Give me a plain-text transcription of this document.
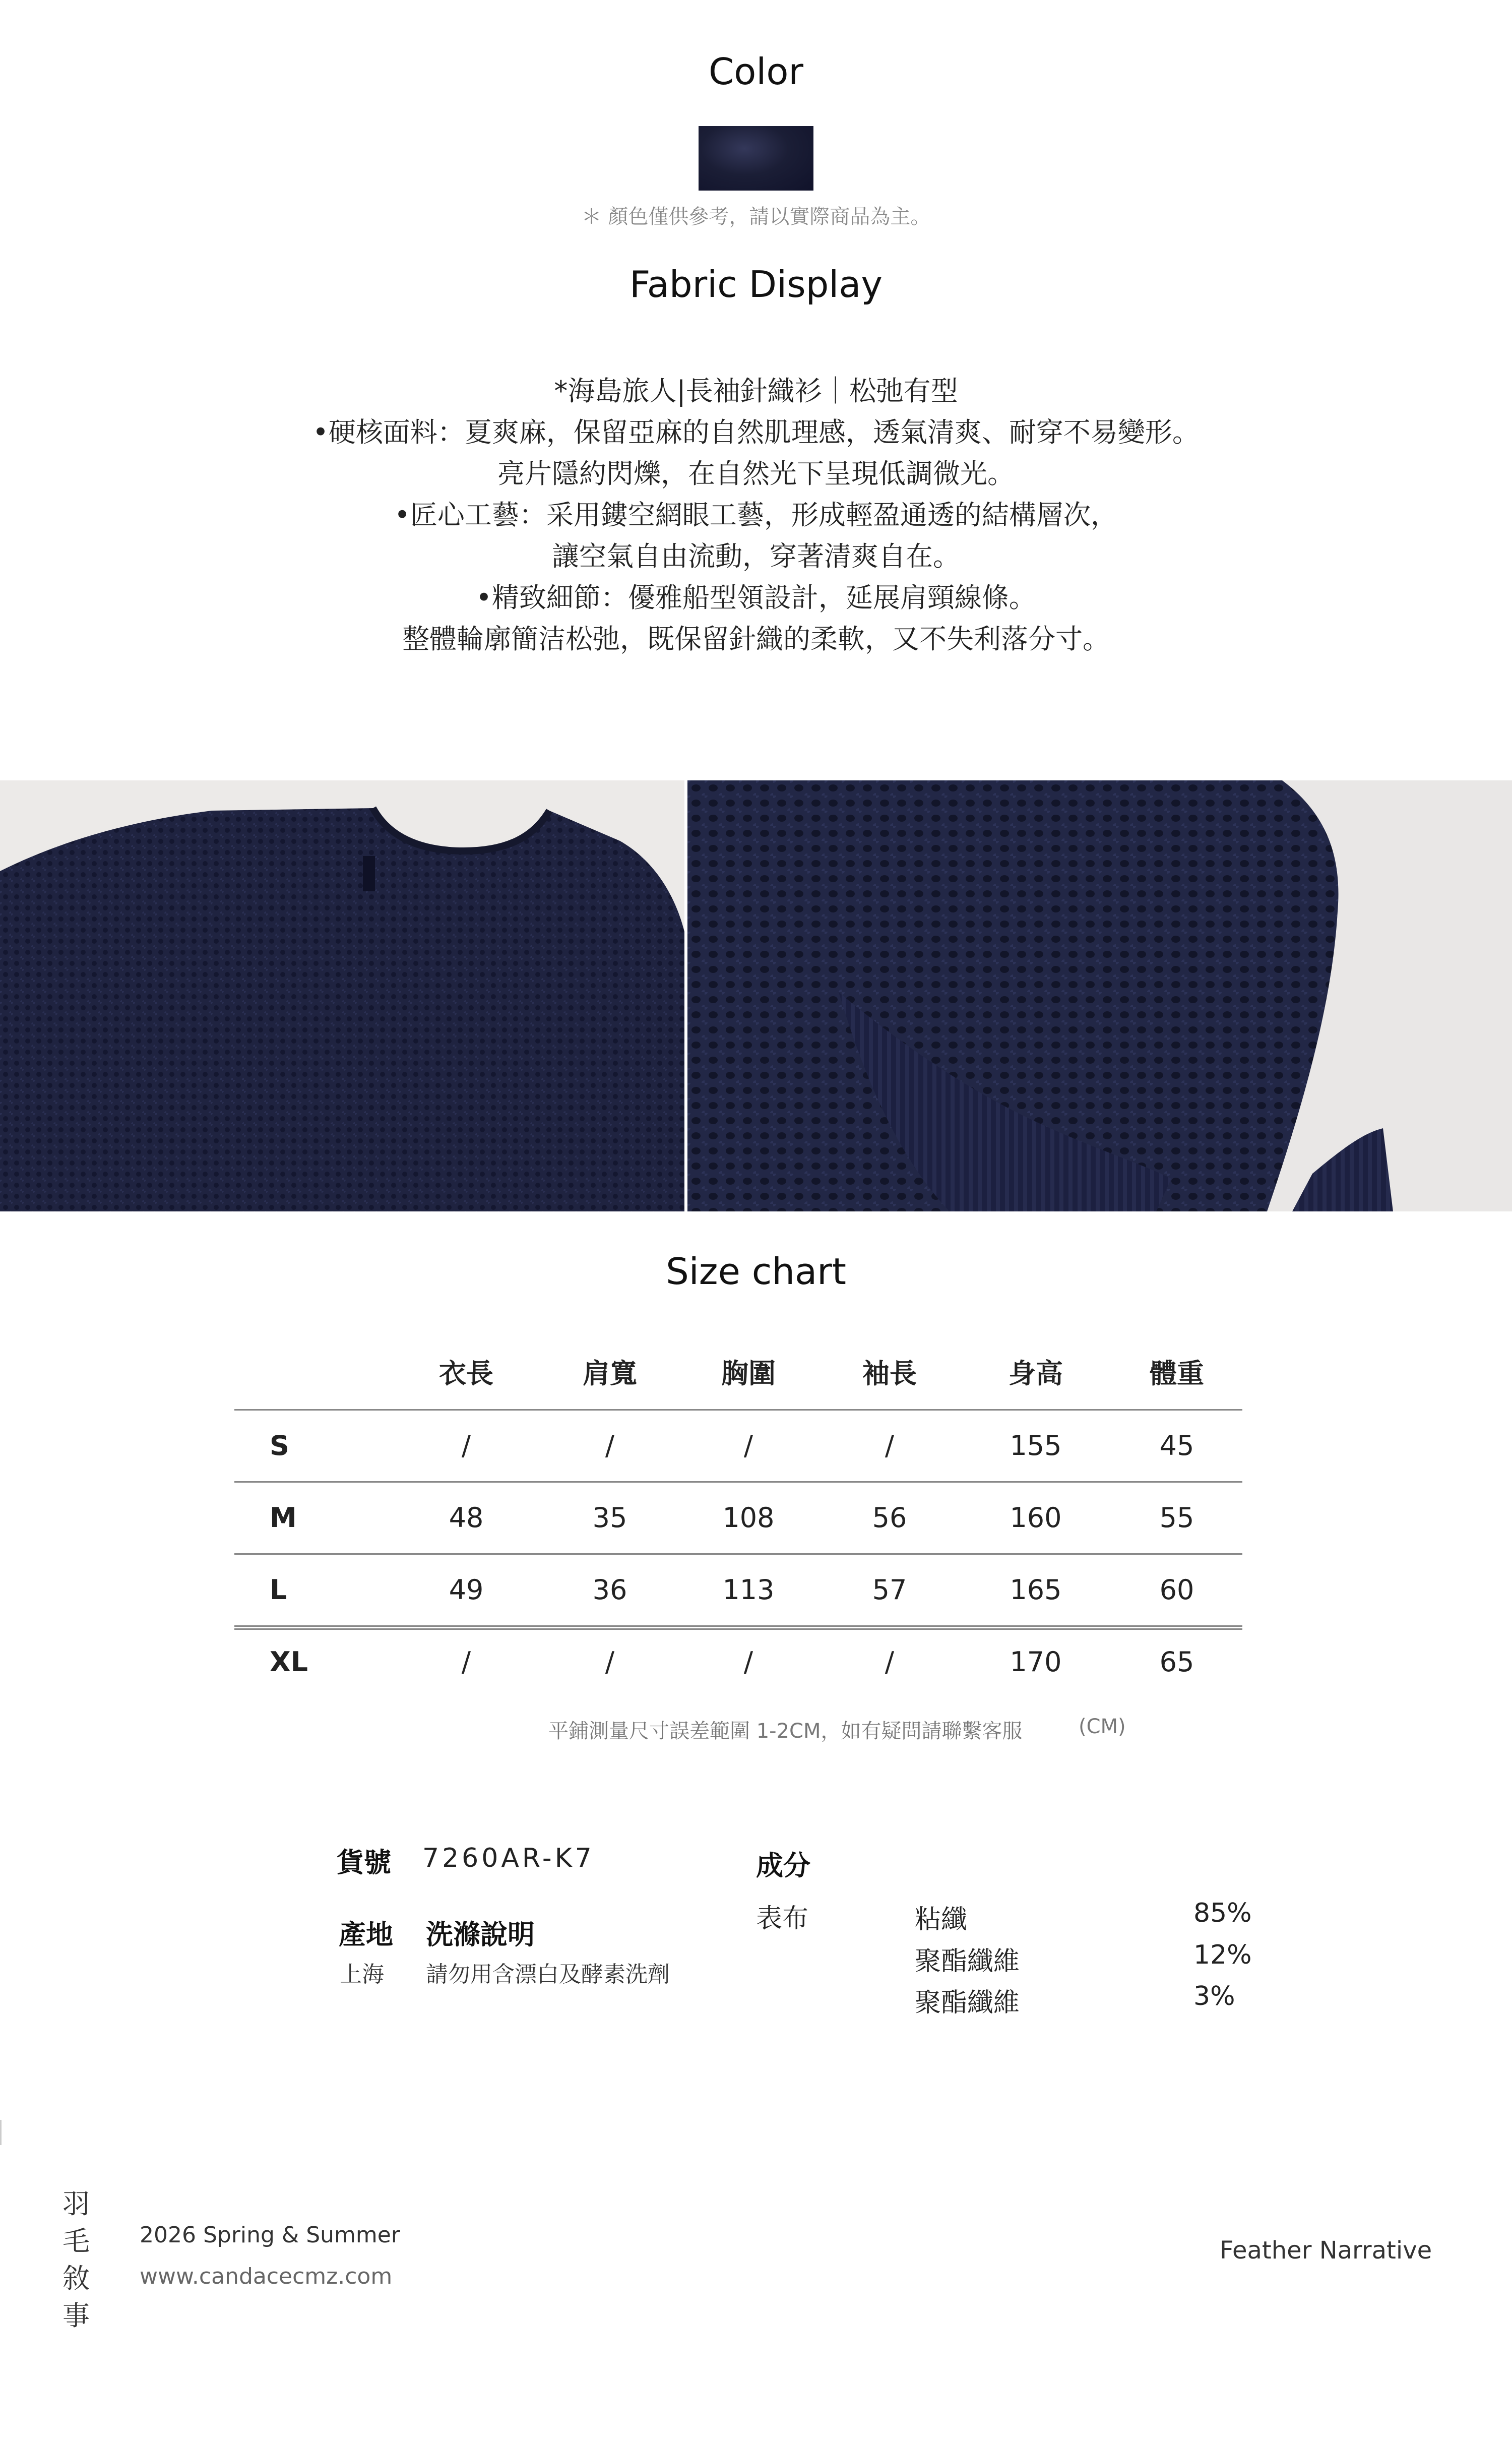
Color
＊ 顏色僅供參考，請以實際商品為主。
Fabric Display
*海島旅人|長袖針織衫｜松弛有型
•硬核面料：夏爽麻，保留亞麻的自然肌理感，透氣清爽、耐穿不易變形。
亮片隱約閃爍，在自然光下呈現低調微光。
•匠心工藝：采用鏤空網眼工藝，形成輕盈通透的結構層次，
讓空氣自由流動，穿著清爽自在。
•精致細節：優雅船型領設計，延展肩頸線條。
整體輪廓簡洁松弛，既保留針織的柔軟，又不失利落分寸。
Size chart
衣長	肩寬	胸圍	袖長	身高	體重
S	/	/	/	/	155	45
M	48	35	108	56	160	55
L	49	36	113	57	165	60
XL	/	/	/	/	170	65
平鋪測量尺寸誤差範圍 1-2CM，如有疑問請聯繫客服	(CM)
貨號 7260AR-K7
產地 洗滌說明
上海 請勿用含漂白及酵素洗劑
成分
表布	粘纖	85%
聚酯纖維	12%
聚酯纖維	3%
羽
毛
敘
事
2026 Spring & Summer
www.candacecmz.com
Feather Narrative
